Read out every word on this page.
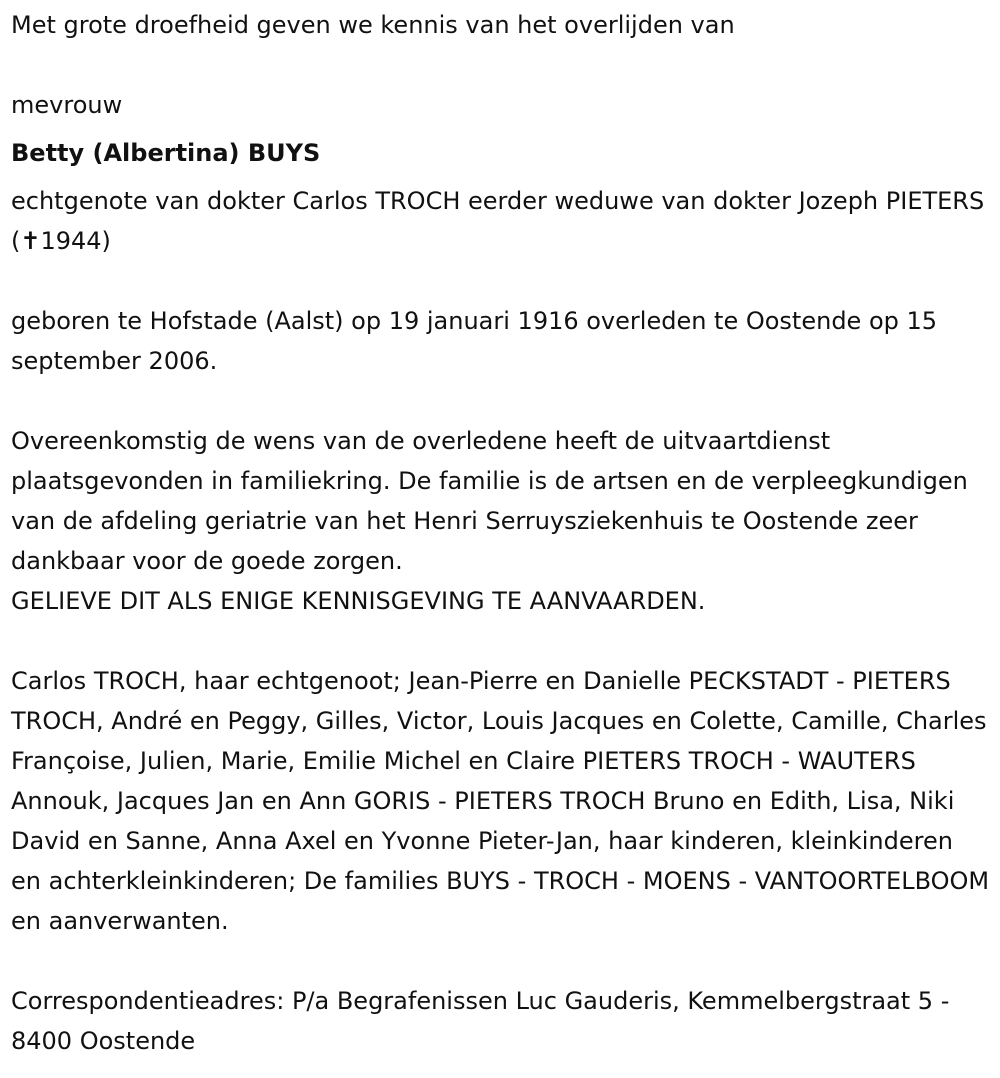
Met grote droefheid geven we kennis van het overlijden van

mevrouw

Betty (Albertina) BUYS

echtgenote van dokter Carlos TROCH eerder weduwe van dokter Jozeph PIETERS (✝1944)

geboren te Hofstade (Aalst) op 19 januari 1916 overleden te Oostende op 15 september 2006.

Overeenkomstig de wens van de overledene heeft de uitvaartdienst plaatsgevonden in familiekring. De familie is de artsen en de verpleegkundigen van de afdeling geriatrie van het Henri Serruysziekenhuis te Oostende zeer dankbaar voor de goede zorgen.

GELIEVE DIT ALS ENIGE KENNISGEVING TE AANVAARDEN.

Carlos TROCH, haar echtgenoot; Jean-Pierre en Danielle PECKSTADT - PIETERS TROCH, André en Peggy, Gilles, Victor, Louis Jacques en Colette, Camille, Charles Françoise, Julien, Marie, Emilie Michel en Claire PIETERS TROCH - WAUTERS Annouk, Jacques Jan en Ann GORIS - PIETERS TROCH Bruno en Edith, Lisa, Niki David en Sanne, Anna Axel en Yvonne Pieter-Jan, haar kinderen, kleinkinderen en achterkleinkinderen; De families BUYS - TROCH - MOENS - VANTOORTELBOOM en aanverwanten.

Correspondentieadres: P/a Begrafenissen Luc Gauderis, Kemmelbergstraat 5 - 8400 Oostende
